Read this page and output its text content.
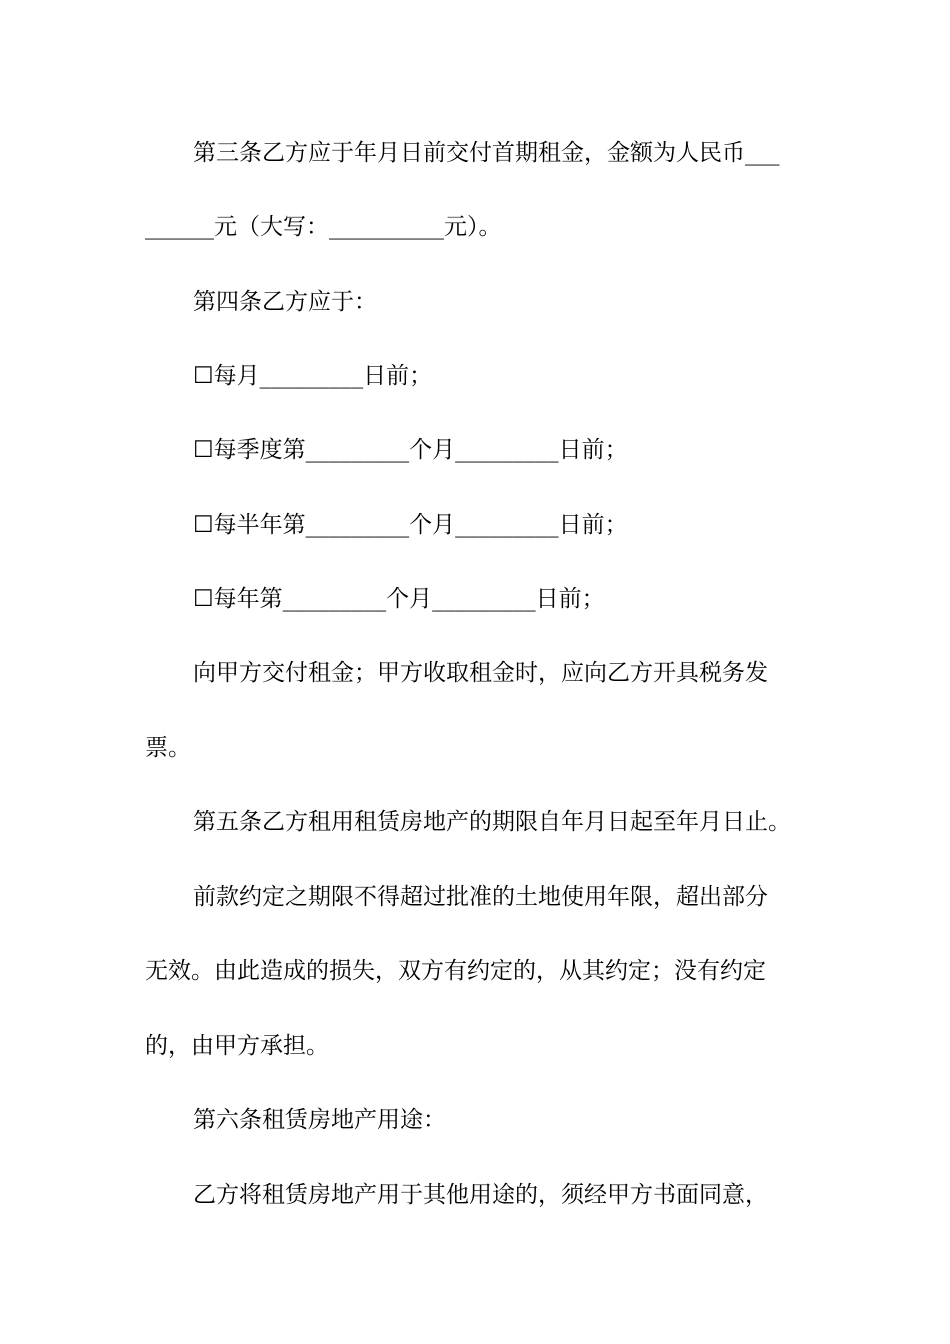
第三条乙方应于年月日前交付首期租金，金额为人民币___
______元（大写：__________元）。
第四条乙方应于：
☐每月_________日前；
☐每季度第_________个月_________日前；
☐每半年第_________个月_________日前；
☐每年第_________个月_________日前；
向甲方交付租金；甲方收取租金时，应向乙方开具税务发
票。
第五条乙方租用租赁房地产的期限自年月日起至年月日止。
前款约定之期限不得超过批准的土地使用年限，超出部分
无效。由此造成的损失，双方有约定的，从其约定；没有约定
的，由甲方承担。
第六条租赁房地产用途：
乙方将租赁房地产用于其他用途的，须经甲方书面同意，
